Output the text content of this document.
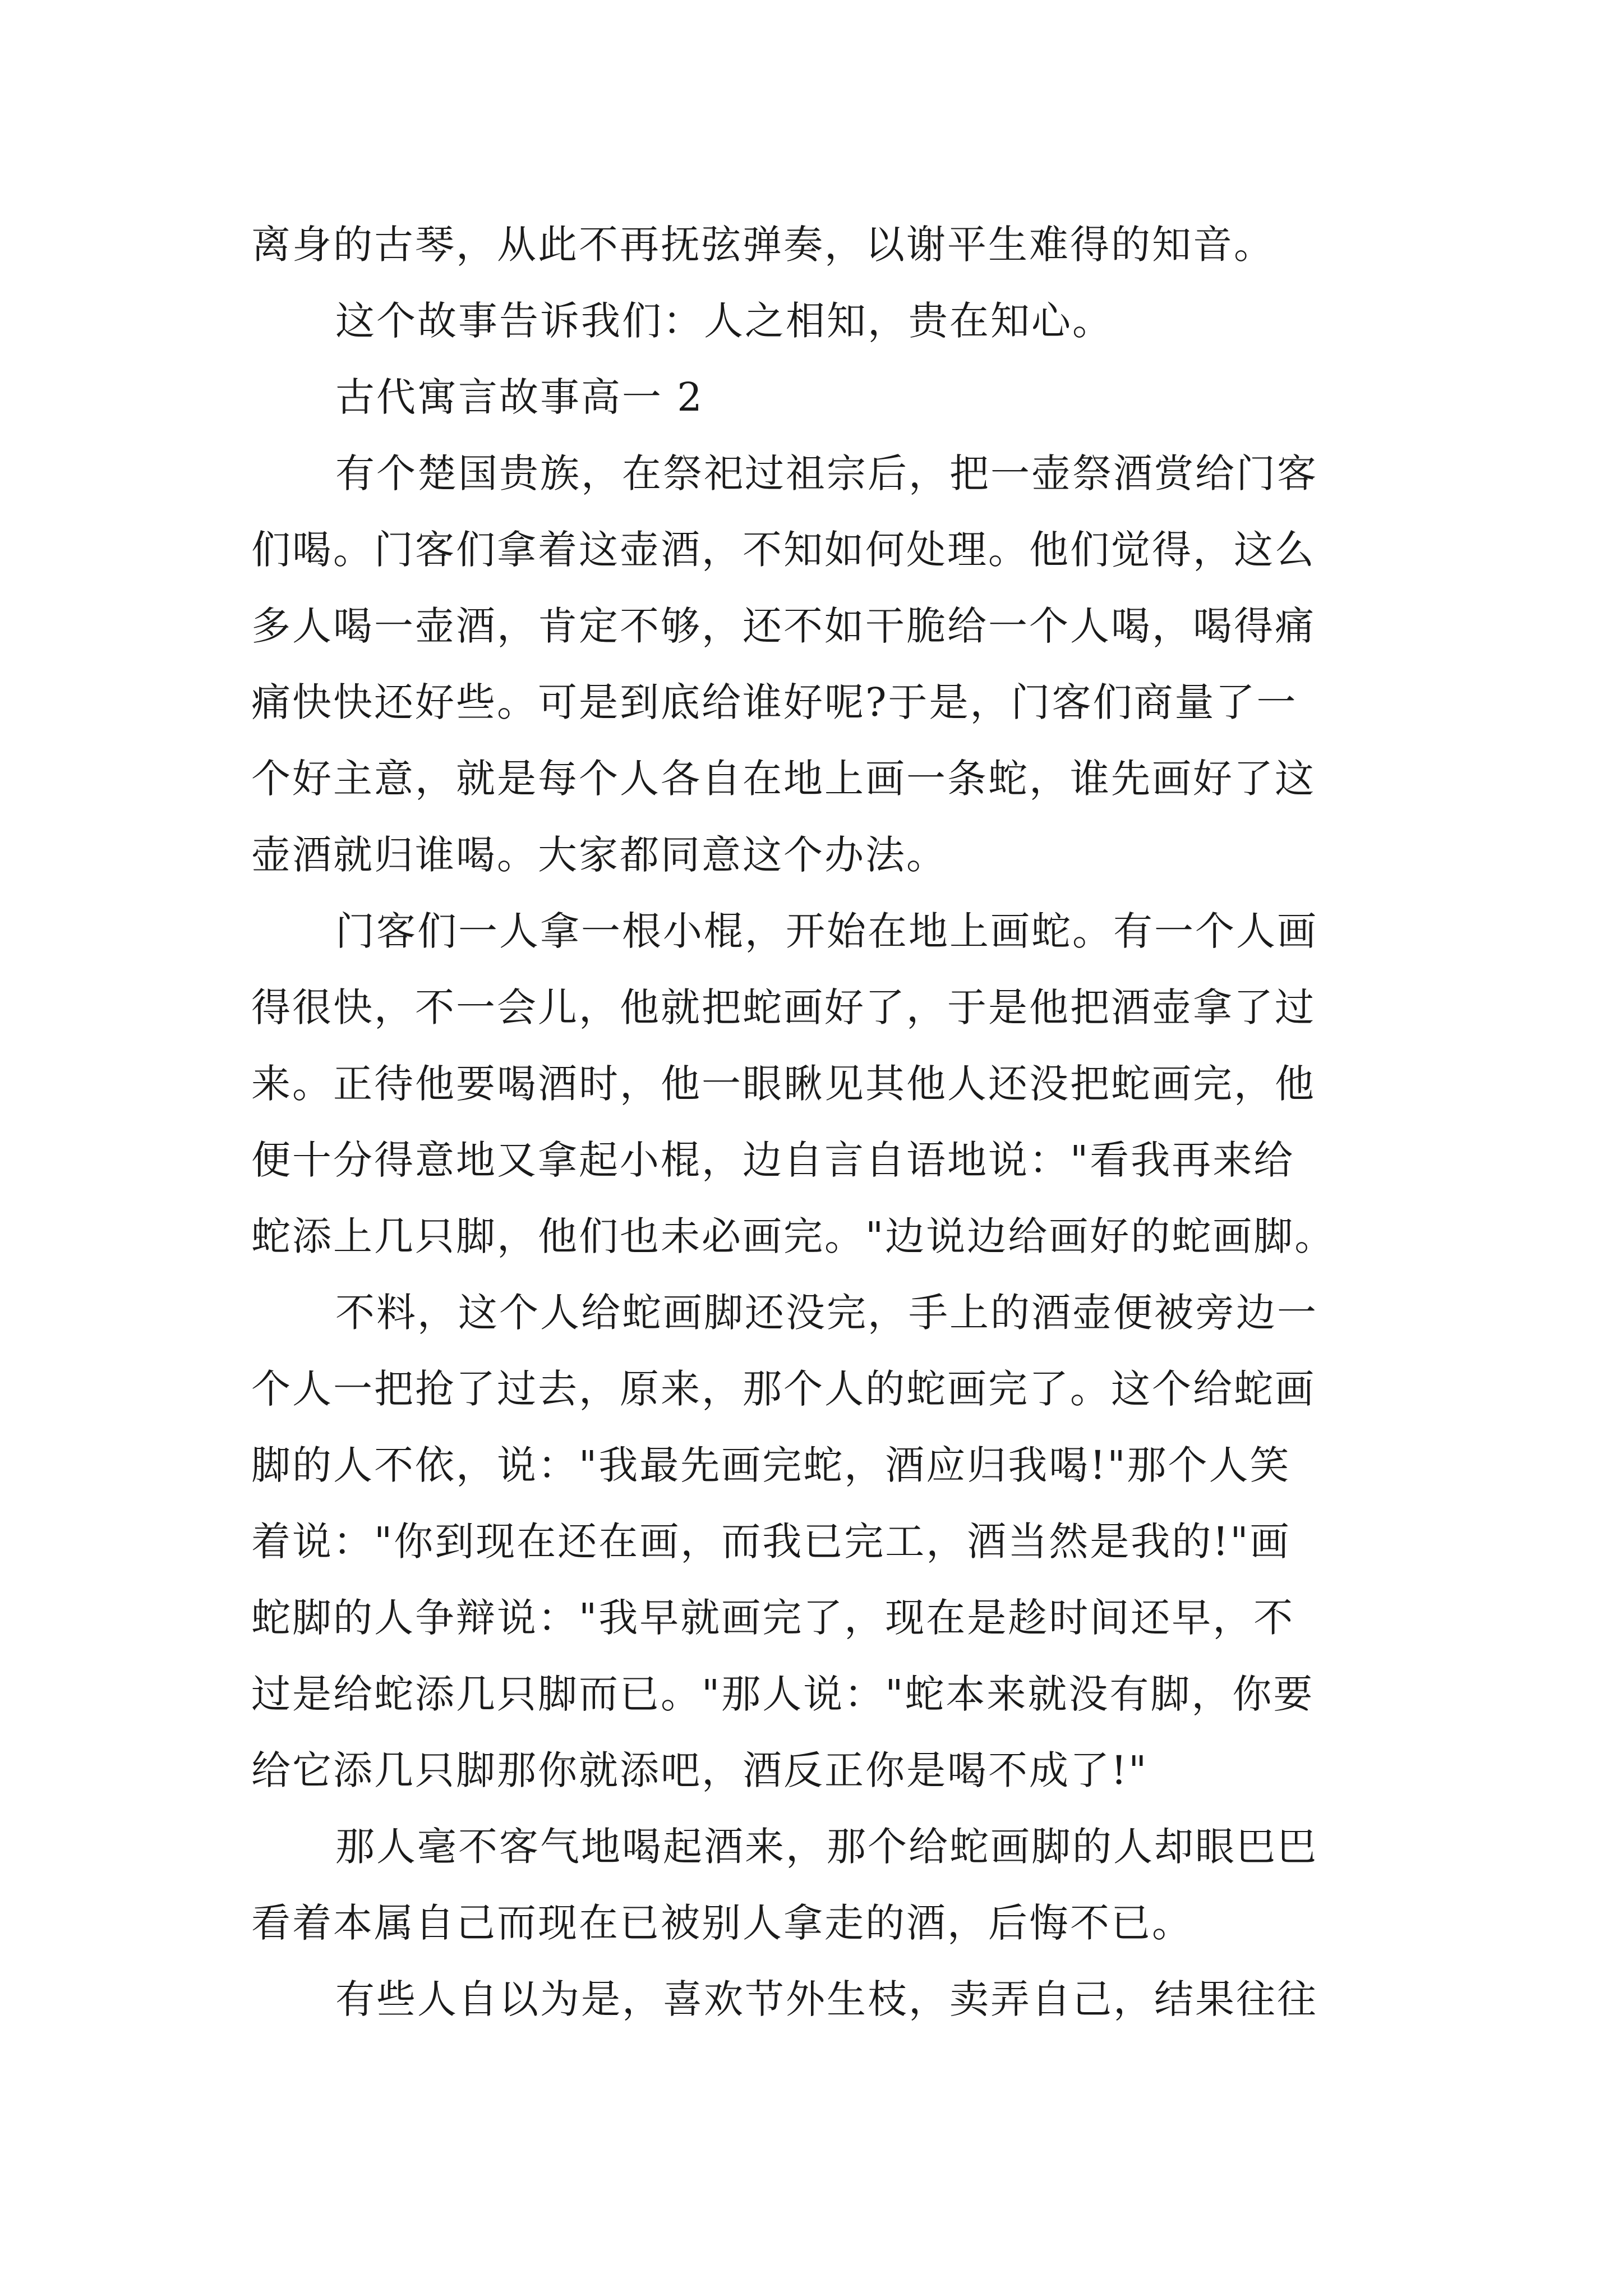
离身的古琴，从此不再抚弦弹奏，以谢平生难得的知音。
这个故事告诉我们：人之相知，贵在知心。
古代寓言故事高一 2
有个楚国贵族，在祭祀过祖宗后，把一壶祭酒赏给门客
们喝。门客们拿着这壶酒，不知如何处理。他们觉得，这么
多人喝一壶酒，肯定不够，还不如干脆给一个人喝，喝得痛
痛快快还好些。可是到底给谁好呢?于是，门客们商量了一
个好主意，就是每个人各自在地上画一条蛇，谁先画好了这
壶酒就归谁喝。大家都同意这个办法。
门客们一人拿一根小棍，开始在地上画蛇。有一个人画
得很快，不一会儿，他就把蛇画好了，于是他把酒壶拿了过
来。正待他要喝酒时，他一眼瞅见其他人还没把蛇画完，他
便十分得意地又拿起小棍，边自言自语地说："看我再来给
蛇添上几只脚，他们也未必画完。"边说边给画好的蛇画脚。
不料，这个人给蛇画脚还没完，手上的酒壶便被旁边一
个人一把抢了过去，原来，那个人的蛇画完了。这个给蛇画
脚的人不依，说："我最先画完蛇，酒应归我喝!"那个人笑
着说："你到现在还在画，而我已完工，酒当然是我的!"画
蛇脚的人争辩说："我早就画完了，现在是趁时间还早，不
过是给蛇添几只脚而已。"那人说："蛇本来就没有脚，你要
给它添几只脚那你就添吧，酒反正你是喝不成了!"
那人毫不客气地喝起酒来，那个给蛇画脚的人却眼巴巴
看着本属自己而现在已被别人拿走的酒，后悔不已。
有些人自以为是，喜欢节外生枝，卖弄自己，结果往往
